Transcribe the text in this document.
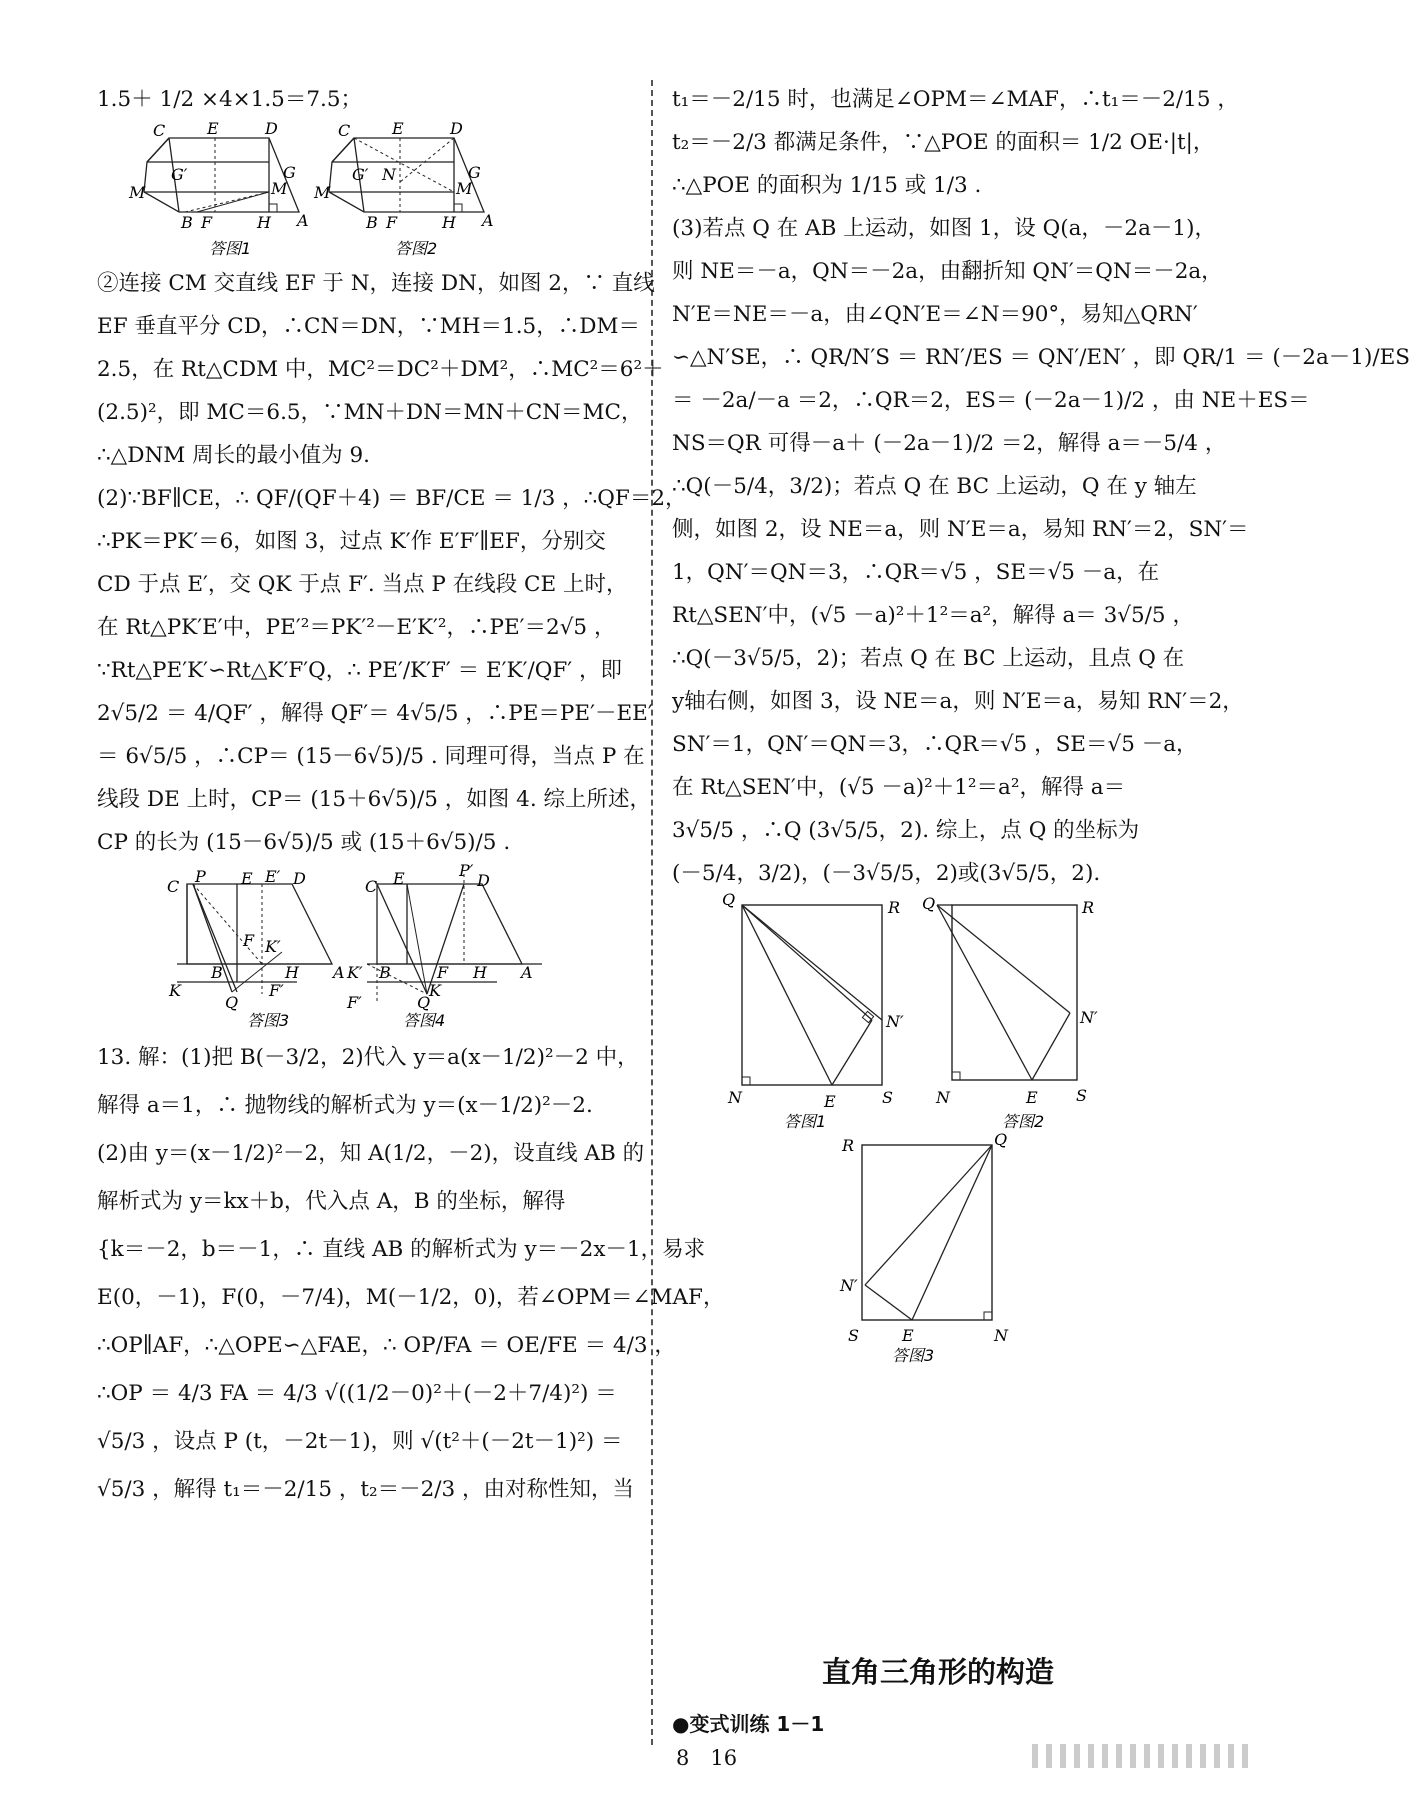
1.5＋ 1/2 ×4×1.5＝7.5；
C	E	D
G
G′
M
M
B F	H A
答图1
C	E	D
G
G′ N
M
M
B F	H A
答图2
②连接 CM 交直线 EF 于 N，连接 DN，如图 2，∵ 直线
EF 垂直平分 CD，∴CN＝DN，∵MH＝1.5，∴DM＝
2.5，在 Rt△CDM 中，MC²＝DC²＋DM²，∴MC²＝6²＋
(2.5)²，即 MC＝6.5，∵MN＋DN＝MN＋CN＝MC，
∴△DNM 周长的最小值为 9.
(2)∵BF∥CE，∴ QF/(QF＋4) ＝ BF/CE ＝ 1/3 ，∴QF＝2，
∴PK＝PK′＝6，如图 3，过点 K′作 E′F′∥EF，分别交
CD 于点 E′，交 QK 于点 F′. 当点 P 在线段 CE 上时，
在 Rt△PK′E′中，PE′²＝PK′²－E′K′²，∴PE′＝2√5 ，
∵Rt△PE′K′∽Rt△K′F′Q，∴ PE′/K′F′ ＝ E′K′/QF′ ，即
2√5/2 ＝ 4/QF′ ，解得 QF′＝ 4√5/5 ，∴PE＝PE′－EE′
＝ 6√5/5 ，∴CP＝ (15－6√5)/5 . 同理可得，当点 P 在
线段 DE 上时，CP＝ (15＋6√5)/5 ，如图 4. 综上所述，
CP 的长为 (15－6√5)/5 或 (15＋6√5)/5 .
C
P E E′ D
F K′
B	H A
K
Q
F′
答图3
C E	P′
D
K′ B	F H A
K
F′	Q
答图4
13. 解：(1)把 B(－3/2，2)代入 y＝a(x－1/2)²－2 中，
解得 a＝1，∴ 抛物线的解析式为 y＝(x－1/2)²－2.
(2)由 y＝(x－1/2)²－2，知 A(1/2，－2)，设直线 AB 的
解析式为 y＝kx＋b，代入点 A，B 的坐标，解得
{k＝－2，b＝－1，∴ 直线 AB 的解析式为 y＝－2x－1，易求
E(0，－1)，F(0，－7/4)，M(－1/2，0)，若∠OPM＝∠MAF，
∴OP∥AF，∴△OPE∽△FAE，∴ OP/FA ＝ OE/FE ＝ 4/3 ，
∴OP ＝ 4/3 FA ＝ 4/3 √((1/2－0)²＋(－2＋7/4)²) ＝
√5/3 ，设点 P (t，－2t－1)，则 √(t²＋(－2t－1)²) ＝
√5/3 ，解得 t₁＝－2/15 ，t₂＝－2/3 ，由对称性知，当
t₁＝－2/15 时，也满足∠OPM＝∠MAF，∴t₁＝－2/15 ，
t₂＝－2/3 都满足条件，∵△POE 的面积＝ 1/2 OE·|t|，
∴△POE 的面积为 1/15 或 1/3 .
(3)若点 Q 在 AB 上运动，如图 1，设 Q(a，－2a－1)，
则 NE＝－a，QN＝－2a，由翻折知 QN′＝QN＝－2a，
N′E＝NE＝－a，由∠QN′E＝∠N＝90°，易知△QRN′
∽△N′SE，∴ QR/N′S ＝ RN′/ES ＝ QN′/EN′ ，即 QR/1 ＝ (－2a－1)/ES
＝ －2a/－a ＝2，∴QR＝2，ES＝ (－2a－1)/2 ，由 NE＋ES＝
NS＝QR 可得－a＋ (－2a－1)/2 ＝2，解得 a＝－5/4 ，
∴Q(－5/4，3/2)；若点 Q 在 BC 上运动，Q 在 y 轴左
侧，如图 2，设 NE＝a，则 N′E＝a，易知 RN′＝2，SN′＝
1，QN′＝QN＝3，∴QR＝√5 ，SE＝√5 －a，在
Rt△SEN′中，(√5 －a)²＋1²＝a²，解得 a＝ 3√5/5 ，
∴Q(－3√5/5，2)；若点 Q 在 BC 上运动，且点 Q 在
y轴右侧，如图 3，设 NE＝a，则 N′E＝a，易知 RN′＝2，
SN′＝1，QN′＝QN＝3，∴QR＝√5 ，SE＝√5 －a，
在 Rt△SEN′中，(√5 －a)²＋1²＝a²，解得 a＝
3√5/5 ，∴Q (3√5/5，2). 综上，点 Q 的坐标为
(－5/4，3/2)，(－3√5/5，2)或(3√5/5，2).
Q	R
N′
N	E	S
答图1
Q	R
N′
N	E S
答图2
R	Q
N′
S	E	N
答图3
直角三角形的构造
●变式训练 1－1
8　16
